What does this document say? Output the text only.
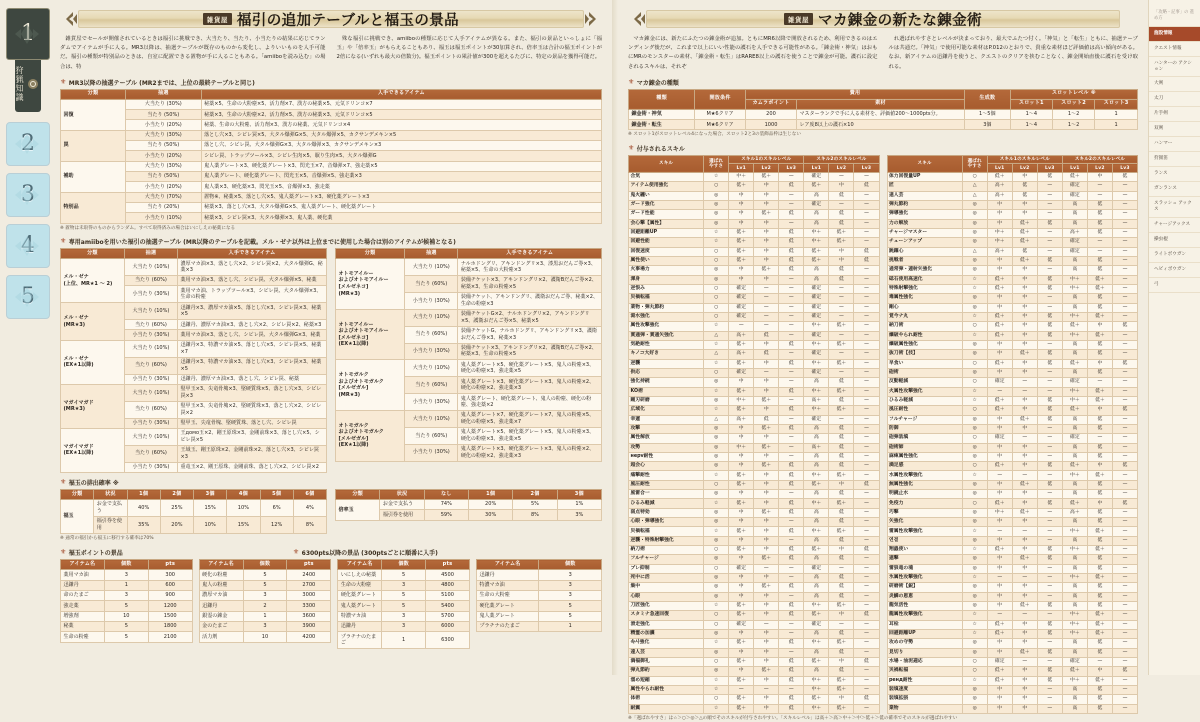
狩猟知識
雑貨屋 福引の追加テーブルと福玉の景品

雑貨屋でセールが開催されているときは福引に挑戦でき、大当たり、当たり、小当たりの結果に応じてランダムでアイテムが手に入る。MR3以降は、抽選テーブルが既存のものから変化し、よりいいものを入手可能だ。福引の種類が特別品のときは、自室に配置できる置物が手に入ることもある。「amiiboを読み込む」の場合は、特

殊な福引に挑戦でき、amiiboの種類に応じて入手アイテムが異なる。また、福引の景品といっしょに「福玉」や「倍率玉」がもらえることもあり、福玉は福玉ポイントが30加算され、倍率玉は合計の福玉ポイントが2倍になる(いずれも最大の倍数分)。福玉ポイントの累計値が300を超えるたびに、特定の景品を獲得可能だ。

⚜ MR3以降の抽選テーブル (MR2までは、上位の最終テーブルと同じ)
分類	抽選	入手できるアイテム
回復	大当たり (30%)	秘薬×5、生命の大粉塵×5、活力剤×7、漢方の秘薬×5、元気ドリンコ×7
	当たり (50%)	秘薬×3、生命の大粉塵×2、活力剤×5、漢方の秘薬×3、元気ドリンコ×5
	小当たり (20%)	秘薬、生命の大粉塵、活力剤×3、漢方の秘薬、元気ドリンコ×4
罠	大当たり (30%)	落とし穴×3、シビレ罠×5、大タル爆弾G×5、大タル爆弾×5、カクサンデメキン×5
	当たり (50%)	落とし穴、シビレ罠、大タル爆弾G×3、大タル爆弾×3、カクサンデメキン×3
	小当たり (20%)	シビレ罠、トラップツール×3、シビレ生肉×5、眠り生肉×5、大タル爆弾G
補助	大当たり (30%)	鬼人薬グレート×3、硬化薬グレート×3、閃光玉×7、音爆弾×7、強走薬×5
	当たり (50%)	鬼人薬グレート、硬化薬グレート、閃光玉×5、音爆弾×5、強走薬×3
	小当たり (20%)	鬼人薬×3、硬化薬×3、閃光玉×5、音爆弾×3、強走薬
特別品	大当たり (70%)	置物※、秘薬×5、落とし穴×5、鬼人薬グレート×3、硬化薬グレート×3
	当たり (20%)	秘薬×3、落とし穴×3、大タル爆弾G×5、鬼人薬グレート、硬化薬グレート
	小当たり (10%)	秘薬×3、シビレ罠×3、大タル爆弾×3、鬼人薬、硬化薬
※ 置物は未取得のものからランダム。すべて取得済みの場合はいにしえの秘薬になる
⚜ 専用amiiboを用いた福引の抽選テーブル (MR以降のテーブルを記載。メル・ゼナ以外は上位までに使用した場合は別のアイテムが候補となる)
分類	抽選	入手できるアイテム
メル・ゼナ
(上位、MR★1 ～ 2)	大当たり (10%)	濃厚マカ油×3、落とし穴×2、シビレ罠×2、大タル爆弾G、秘薬×3
	当たり (60%)	薬用マカ油×3、落とし穴、シビレ罠、大タル爆弾×5、秘薬
	小当たり (30%)	薬用マカ油、トラップツール×3、シビレ罠、大タル爆弾×3、生命の粉塵
メル・ゼナ
(MR★3)	大当たり (10%)	迅鎌丹×3、濃厚マカ油×5、落とし穴×3、シビレ罠×3、秘薬×5
	当たり (60%)	迅鎌丹、濃厚マカ油×3、落とし穴×2、シビレ罠×2、秘薬×3
	小当たり (30%)	薬用マカ油×3、落とし穴、シビレ罠、大タル爆弾G×3、秘薬
メル・ゼナ
(EX★1以降)	大当たり (10%)	迅鎌丹×3、特濃マカ油×5、落とし穴×5、シビレ罠×5、秘薬×7
	当たり (60%)	迅鎌丹×3、特濃マカ油×3、落とし穴×3、シビレ罠×3、秘薬×5
	小当たり (30%)	迅鎌丹、濃厚マカ油×3、落とし穴、シビレ罠、秘薬
マガイマガド
(MR★3)	大当たり (10%)	堅甲玉×3、尖竜骨塊×3、堅硬質珠×5、落とし穴×3、シビレ罠×3
	当たり (60%)	堅甲玉×3、尖竜骨塊×2、堅硬質珠×3、落とし穴×2、シビレ罠×2
	小当たり (30%)	堅甲玉、尖竜骨塊、堅硬質珠、落とし穴、シビレ罠
マガイマガド
(EX★1以降)	大当たり (10%)	王домо玉×2、剛王原珠×3、金剛前珠×3、落とし穴×5、シビレ罠×5
	当たり (60%)	王域玉、剛王原珠×2、金剛前珠×2、落とし穴×3、シビレ罠×3
	小当たり (30%)	重竜玉×2、剛王原珠、金剛前珠、落とし穴×2、シビレ罠×2
分類	抽選	入手できるアイテム
オトモアイルー
およびオトモアイルー
[メルゼネコ]
(MR★3)	大当たり (10%)	ナルホドングリ、アキンドングリ×3、漆黒おだんご券×3、秘薬×5、生命の大粉塵×3
	当たり (60%)	装備チケット×3、アキンドングリ×2、護衛Bだんご券×2、秘薬×3、生命の粉塵×5
	小当たり (30%)	装備チケット、アキンドングリ、護衛おだんご券、秘薬×2、生命の粉塵×3
オトモアイルー
およびオトモアイルー
[メルゼネコ]
(EX★1以降)	大当たり (10%)	装備チケットG×2、ナルホドングリ×2、アキンドングリ×5、護衛おだんご券×5、秘薬×5
	当たり (60%)	装備チケットG、ナルホドングリ、アキンドングリ×3、護衛おだんご券×3、秘薬×3
	小当たり (30%)	装備チケット×3、アキンドングリ×2、護衛Bだんご券×2、秘薬×3、生命の粉塵×5
オトモガルク
およびオトモガルク
[メルゼガル]
(MR★3)	大当たり (10%)	鬼人薬グレート×5、硬化薬グレート×5、鬼人の粉塵×3、硬化の粉塵×3、強走薬×5
	当たり (60%)	鬼人薬グレート×3、硬化薬グレート×3、鬼人の粉塵×2、硬化の粉塵×2、強走薬×3
	小当たり (30%)	鬼人薬グレート、硬化薬グレート、鬼人の粉塵、硬化の粉塵、強走薬×2
オトモガルク
およびオトモガルク
[メルゼガル]
(EX★1以降)	大当たり (10%)	鬼人薬グレート×7、硬化薬グレート×7、鬼人の粉塵×5、硬化の粉塵×5、強走薬×7
	当たり (60%)	鬼人薬グレート×5、硬化薬グレート×5、鬼人の粉塵×3、硬化の粉塵×3、強走薬×5
	小当たり (30%)	鬼人薬グレート×3、硬化薬グレート×3、鬼人の粉塵×2、硬化の粉塵×2、強走薬×3
⚜ 福玉の排出確率 ※
分類	状況	1個	2個	3個	4個	5個	6個
福玉	お金で支払う	40%	25%	15%	10%	6%	4%
	福引券を使用	35%	20%	10%	15%	12%	8%
分類	状況	なし	1個	2個	3個
倍率玉	お金で支払う	74%	20%	5%	1%
	福引券を使用	59%	30%	8%	3%
※ 通常の福引から福玉に移行する確率は70%
⚜ 福玉ポイントの景品	⚜ 6300pts以降の景品 (300ptsごとに順番に入手)
アイテム名	個数	pts
薬用マカ油	3	300
迅鎌丹	1	600
命のたまご	3	900
強走薬	5	1200
増強剤	10	1500
秘薬	5	1800
生命の粉塵	5	2100
アイテム名	個数	pts
硬化の粉塵	5	2400
鬼人の粉塵	5	2700
濃厚マカ油	3	3000
迅鎌丹	2	3300
銀霊の錬金	1	3600
金のたまご	3	3900
活力剤	10	4200
アイテム名	個数	pts
いにしえの秘薬	5	4500
生命の大粉塵	3	4800
硬化薬グレート	5	5100
鬼人薬グレート	5	5400
特濃マカ油	3	5700
迅鎌丹	3	6000
プラチナのたまご	1	6300
アイテム名	個数
迅鎌丹	3
特濃マカ油	3
生命の大粉塵	3
硬化薬グレート	5
鬼人薬グレート	5
プラチナのたまご	1
雑貨屋 マカ錬金の新たな錬金術

マカ錬金には、新たにふたつの錬金術が追加。ともにMR6以降で開放されるため、利用できるのはエンディング後だが、これまで以上にいい性能の護石を入手できる可能性がある。「錬金術・神気」はおもにMRのモンスターの素材、「錬金術・転生」はRARE8以上の護石を使うことで錬金が可能。護石に設定されるスキルは、それぞ

れ選ばれやすさとレベルが決まっており、最大でふたつ付く。「神気」と「転生」ともに、抽選テーブルは共通だ。「神気」で使用可能な素材はP.012のとおりで、貴重な素材ほど評価値は高い傾向がある。なお、新アイテムの迅鎌丹を使うと、クエストのクリアを挟むことなく、錬金開始直後に護石を受け取れる。

⚜ マカ錬金の種類
種類	開放条件	費用		生成数	スロットレベル ※		
		カムラポイント	素材		スロット1	スロット2	スロット3
錬金術・神気	M★6クリア	200	マスターランクで手に入る素材を、評価値200～1000pts分。	1～5個	1～4	1～2	1
錬金術・転生	M★6クリア	1000	レア度8以上の護石×10	3個	1～4	1～2	1
※ スロット1がスロットレベル4になった場合、スロット2と3の装飾品枠は生じない
⚜ 付与されるスキル
スキル	選ばれ
やすさ	スキル1のスキルレベル			スキル2のスキルレベル		
		Lv1	Lv2	Lv3	Lv1	Lv2	Lv3
合気	☆	中＋	低＋	—	確定	—	—
アイテム使用強化	○	低＋	中	低	低＋	中	低
鬼火纏い	◎	中	中	—	高	低	—
ガード強化	◎	中	中	—	確定	—	—
ガード性能	◎	中	低＋	低	高	低	—
会心撃【属性】	◎	中	中	—	高	低	—
回避距離UP	☆	低＋	中	低	中＋	低＋	—
回避性能	☆	低＋	中	低	中＋	低＋	—
回復速度	○	低＋	中	低	低＋	中	低
属性使い	○	低＋	中	低	低＋	中	低
火事場力	◎	中	低＋	低	高	低	—
渾身	◎	中	中	—	高	低	—
逆恨み	○	確定	—	—	確定	—	—
災禍転福	○	確定	—	—	確定	—	—
業物・弾丸節約	○	確定	—	—	確定	—	—
渇水強化	○	確定	—	—	確定	—	—
属性攻撃強化	☆	—	—	—	中＋	低＋	—
貫通弾・貫通矢強化	△	高＋	低	—	確定	—	—
気絶耐性	☆	低＋	中	低	中＋	低＋	—
キノコ大好き	△	高＋	低	—	確定	—	—
逆襲	☆	低＋	中	低	中＋	低＋	—
供応	○	確定	—	—	確定	—	—
強化持続	◎	中	中	—	高	低	—
KO術	☆	低＋	中	低	中＋	低＋	—
剛刃研磨	◎	中＋	低＋	—	高＋	低	—
広域化	☆	低＋	中	低	中＋	低＋	—
幸運	△	高＋	低	—	確定	—	—
攻撃	◎	中	低＋	低	高	低	—
属性解放	◎	中	中	—	高	低	—
攻勢	◎	中＋	低＋	—	高＋	低	—
нерv耐性	◎	中	中	—	高	低	—
超会心	◎	中	低＋	低	高	低	—
痛撃耐性	☆	低＋	中	低	中＋	低＋	—
風圧耐性	○	低＋	中	低	低＋	中	低
風雷合一	◎	中	中	—	高	低	—
ひるみ軽減	☆	低＋	中	低	中＋	低＋	—
弱点特効	◎	中	低＋	低	高	低	—
心眼・弾導強化	◎	中	中	—	高	低	—
災禍転福	☆	低＋	中	低	中＋	低＋	—
逆襲・特殊射撃強化	◎	中	中	—	高	低	—
納刀術	○	低＋	中	低	低＋	中	低
フルチャージ	◎	中	低＋	低	高	低	—
ブレ抑制	○	確定	—	—	確定	—	—
死中に活	◎	中	中	—	高	低	—
集中	◎	中	低＋	低	高	低	—
心眼	◎	中	中	—	高	低	—
刀匠強化	☆	低＋	中	低	中＋	低＋	—
スタミナ急速回復	○	低＋	中	低	低＋	中	低
滑走強化	○	確定	—	—	確定	—	—
精霊の加護	◎	中	中	—	高	低	—
속사強化	☆	低＋	中	低	中＋	低＋	—
達人芸	◎	中	中	—	高	低	—
満福御礼	○	低＋	中	低	低＋	中	低
弾丸節約	◎	中	低＋	低	高	低	—
溜め短縮	☆	低＋	中	低	中＋	低＋	—
属性やられ耐性	☆	—	—	—	中＋	低＋	—
体術	○	低＋	中	低	低＋	中	低
耐震	☆	低＋	中	低	中＋	低＋	—
スキル	選ばれ
やすさ	スキル1のスキルレベル			スキル2のスキルレベル		
		Lv1	Lv2	Lv3	Lv1	Lv2	Lv3
体力回復量UP	○	低＋	中	低	低＋	中	低
匠	△	高＋	低	—	確定	—	—
達人芸	△	高＋	低	—	確定	—	—
弾丸節約	◎	中	中	—	高	低	—
弾導強化	◎	中	中	—	高	低	—
力の解放	◎	中	低＋	低	高	低	—
チャージマスター	◎	中＋	低＋	—	高＋	低	—
チューンアップ	◎	中＋	低＋	—	確定	—	—
跳躍心	△	高＋	低	—	確定	—	—
挑戦者	◎	中	低＋	低	高	低	—
通常弾・連射矢強化	◎	中	中	—	高	低	—
砥石使用高速化	☆	低＋	中	低	中＋	低＋	—
特殊射撃強化	☆	低＋	中	低	中＋	低＋	—
毒属性強化	◎	中	中	—	高	低	—
剛心	◎	中	中	—	高	低	—
覚今ナ丸	☆	低＋	中	低	中＋	低＋	—
納刀術	○	低＋	中	低	低＋	中	低
爆破やられ耐性	☆	低＋	中	低	中＋	低＋	—
爆破属性強化	◎	中	中	—	高	低	—
抜刀術【技】	◎	中	低＋	低	高	低	—
早食い	○	低＋	中	低	低＋	中	低
砲術	◎	中	中	—	高	低	—
反動軽減	○	確定	—	—	確定	—	—
火属性攻撃強化	☆	—	—	—	中＋	低＋	—
ひるみ軽減	☆	低＋	中	低	中＋	低＋	—
風圧耐性	○	低＋	中	低	低＋	中	低
フルチャージ	◎	中	低＋	低	高	低	—
防御	◎	中	中	—	高	低	—
砲弾装填	○	確定	—	—	確定	—	—
砲術師	◎	中	中	—	高	低	—
麻痺属性強化	◎	中	中	—	高	低	—
満足感	○	低＋	中	低	低＋	中	低
水属性攻撃強化	☆	—	—	—	中＋	低＋	—
無属性強化	◎	中	低＋	低	高	低	—
明鏡止水	◎	中	中	—	高	低	—
免疫力	○	低＋	中	低	低＋	中	低
巧撃	◎	中＋	低＋	—	高＋	低	—
矢強化	◎	中	中	—	高	低	—
雷属性攻撃強化	☆	—	—	—	中＋	低＋	—
연결	◎	中	中	—	高	低	—
翔蟲使い	☆	低＋	中	低	中＋	低＋	—
連撃	◎	中	低＋	低	高	低	—
雷狼竜の魂	◎	中	中	—	高	低	—
氷属性攻撃強化	☆	—	—	—	中＋	低＋	—
研磨術【鋭】	◎	中	中	—	高	低	—
炎鱗の恩恵	◎	中	中	—	高	低	—
龍気活性	◎	中	低＋	低	高	低	—
龍属性攻撃強化	☆	—	—	—	中＋	低＋	—
耳栓	☆	低＋	中	低	中＋	低＋	—
回避距離UP	☆	低＋	中	低	中＋	低＋	—
攻めの守勢	◎	中	中	—	高	低	—
見切り	◎	中	低＋	低	高	低	—
水場・油泥適応	○	確定	—	—	確定	—	—
災禍転福	○	低＋	中	低	低＋	中	低
ренд耐性	☆	低＋	中	低	中＋	低＋	—
装填速度	◎	中	中	—	高	低	—
装填拡張	◎	中	中	—	高	低	—
業物	◎	中	中	—	高	低	—
※「選ばれやすさ」は☆＞○＞◎＞△の順でそのスキルが付与されやすい。「スキルレベル」は高＋＞高＞中＋＞中＞低＋＞低の確率でそのスキルが選ばれやすい
「攻略・記事」の 進め方
施設情報
クエスト情報
ハンターの アクション
大剣
太刀
片手剣
双剣
ハンマー
狩猟笛
ランス
ガンランス
スラッシュ アックス
チャージアックス
操虫棍
ライトボウガン
ヘビィボウガン
弓
